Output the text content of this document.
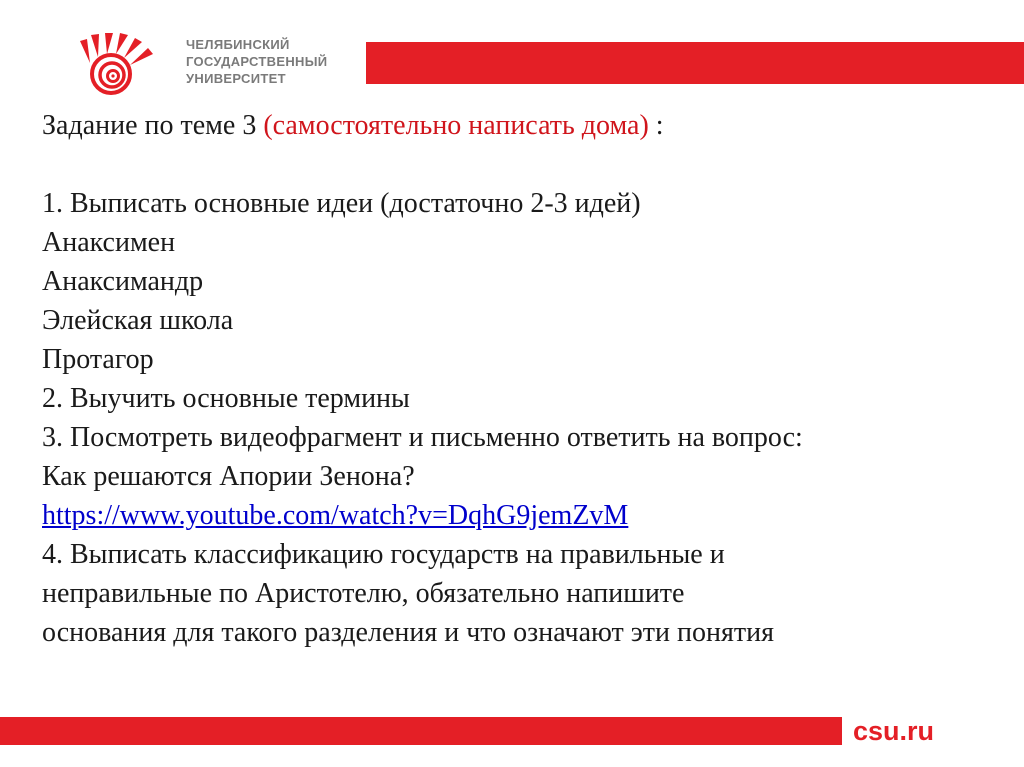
ЧЕЛЯБИНСКИЙ
ГОСУДАРСТВЕННЫЙ
УНИВЕРСИТЕТ
Задание по теме 3 (самостоятельно написать дома) :
1. Выписать основные идеи (достаточно 2-3 идей)
Анаксимен
Анаксимандр
Элейская школа
Протагор
2. Выучить основные термины
3. Посмотреть видеофрагмент и письменно ответить на вопрос:
Как решаются Апории Зенона?
https://www.youtube.com/watch?v=DqhG9jemZvM
4. Выписать классификацию государств на правильные и
неправильные по Аристотелю, обязательно напишите
основания для такого разделения и что означают эти понятия
csu.ru
